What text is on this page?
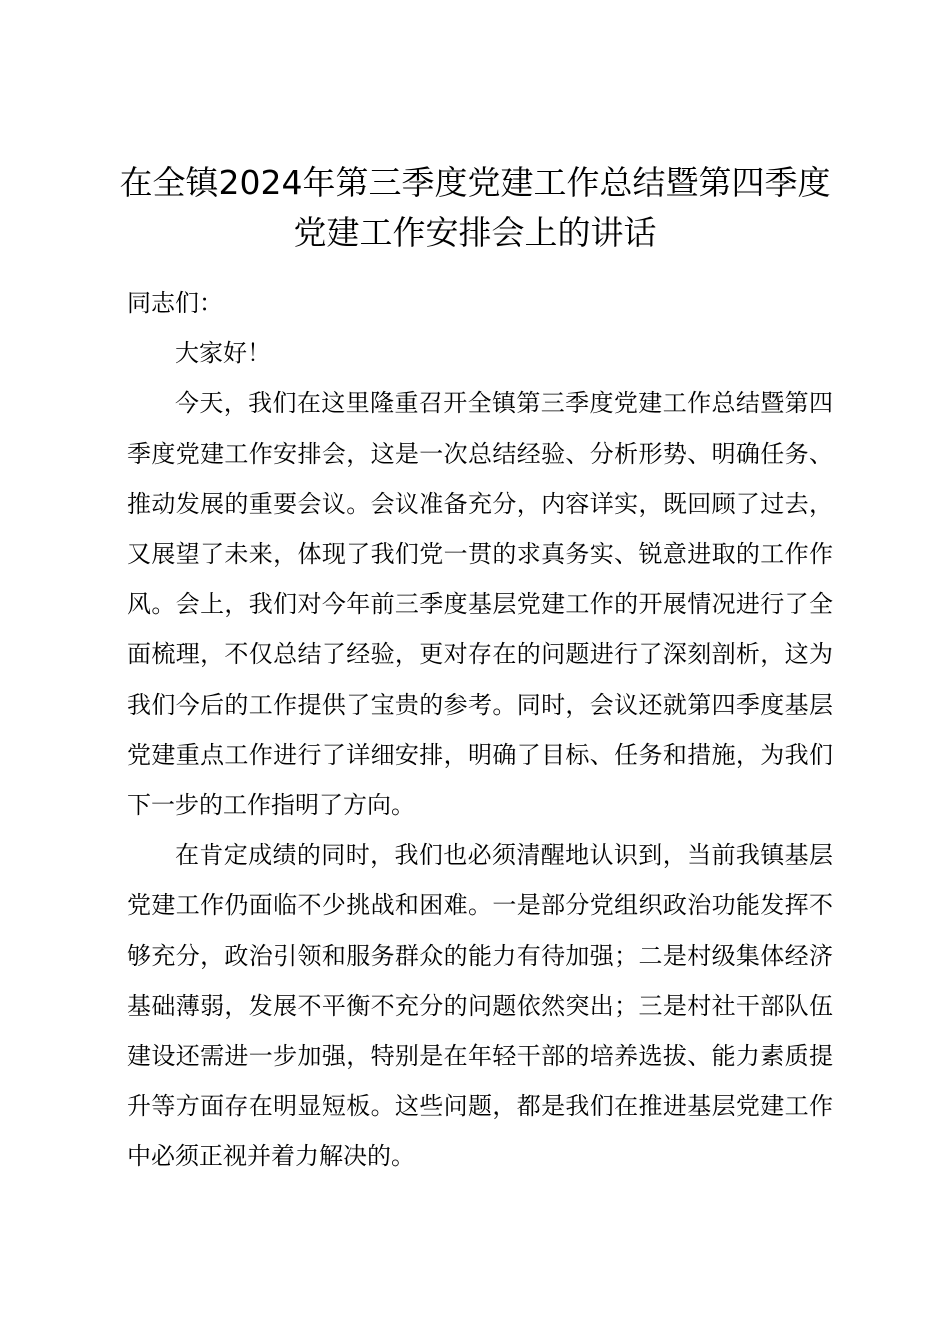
在全镇2024年第三季度党建工作总结暨第四季度党建工作安排会上的讲话

同志们：

大家好！

今天，我们在这里隆重召开全镇第三季度党建工作总结暨第四季度党建工作安排会，这是一次总结经验、分析形势、明确任务、推动发展的重要会议。会议准备充分，内容详实，既回顾了过去，又展望了未来，体现了我们党一贯的求真务实、锐意进取的工作作风。会上，我们对今年前三季度基层党建工作的开展情况进行了全面梳理，不仅总结了经验，更对存在的问题进行了深刻剖析，这为我们今后的工作提供了宝贵的参考。同时，会议还就第四季度基层党建重点工作进行了详细安排，明确了目标、任务和措施，为我们下一步的工作指明了方向。

在肯定成绩的同时，我们也必须清醒地认识到，当前我镇基层党建工作仍面临不少挑战和困难。一是部分党组织政治功能发挥不够充分，政治引领和服务群众的能力有待加强；二是村级集体经济基础薄弱，发展不平衡不充分的问题依然突出；三是村社干部队伍建设还需进一步加强，特别是在年轻干部的培养选拔、能力素质提升等方面存在明显短板。这些问题，都是我们在推进基层党建工作中必须正视并着力解决的。
